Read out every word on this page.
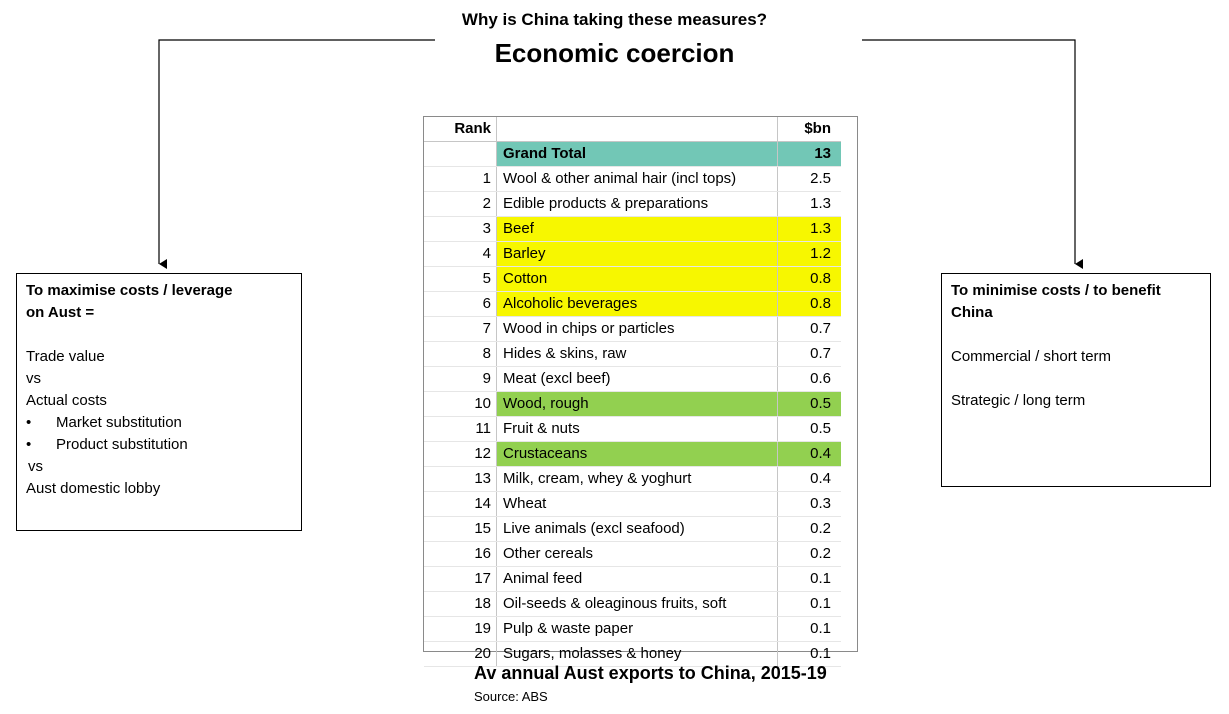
Why is China taking these measures?
Economic coercion
To maximise costs / leverage
on Aust =
Trade value
vs
Actual costs
•	Market substitution
•	Product substitution
vs
Aust domestic lobby
To minimise costs / to benefit
China
Commercial / short term
Strategic / long term
Rank		$bn
	Grand Total	13
1	Wool & other animal hair (incl tops)	2.5
2	Edible products & preparations	1.3
3	Beef	1.3
4	Barley	1.2
5	Cotton	0.8
6	Alcoholic beverages	0.8
7	Wood in chips or particles	0.7
8	Hides & skins, raw	0.7
9	Meat (excl beef)	0.6
10	Wood, rough	0.5
11	Fruit & nuts	0.5
12	Crustaceans	0.4
13	Milk, cream, whey & yoghurt	0.4
14	Wheat	0.3
15	Live animals (excl seafood)	0.2
16	Other cereals	0.2
17	Animal feed	0.1
18	Oil-seeds & oleaginous fruits, soft	0.1
19	Pulp & waste paper	0.1
20	Sugars, molasses & honey	0.1
Av annual Aust exports to China, 2015-19
Source: ABS
